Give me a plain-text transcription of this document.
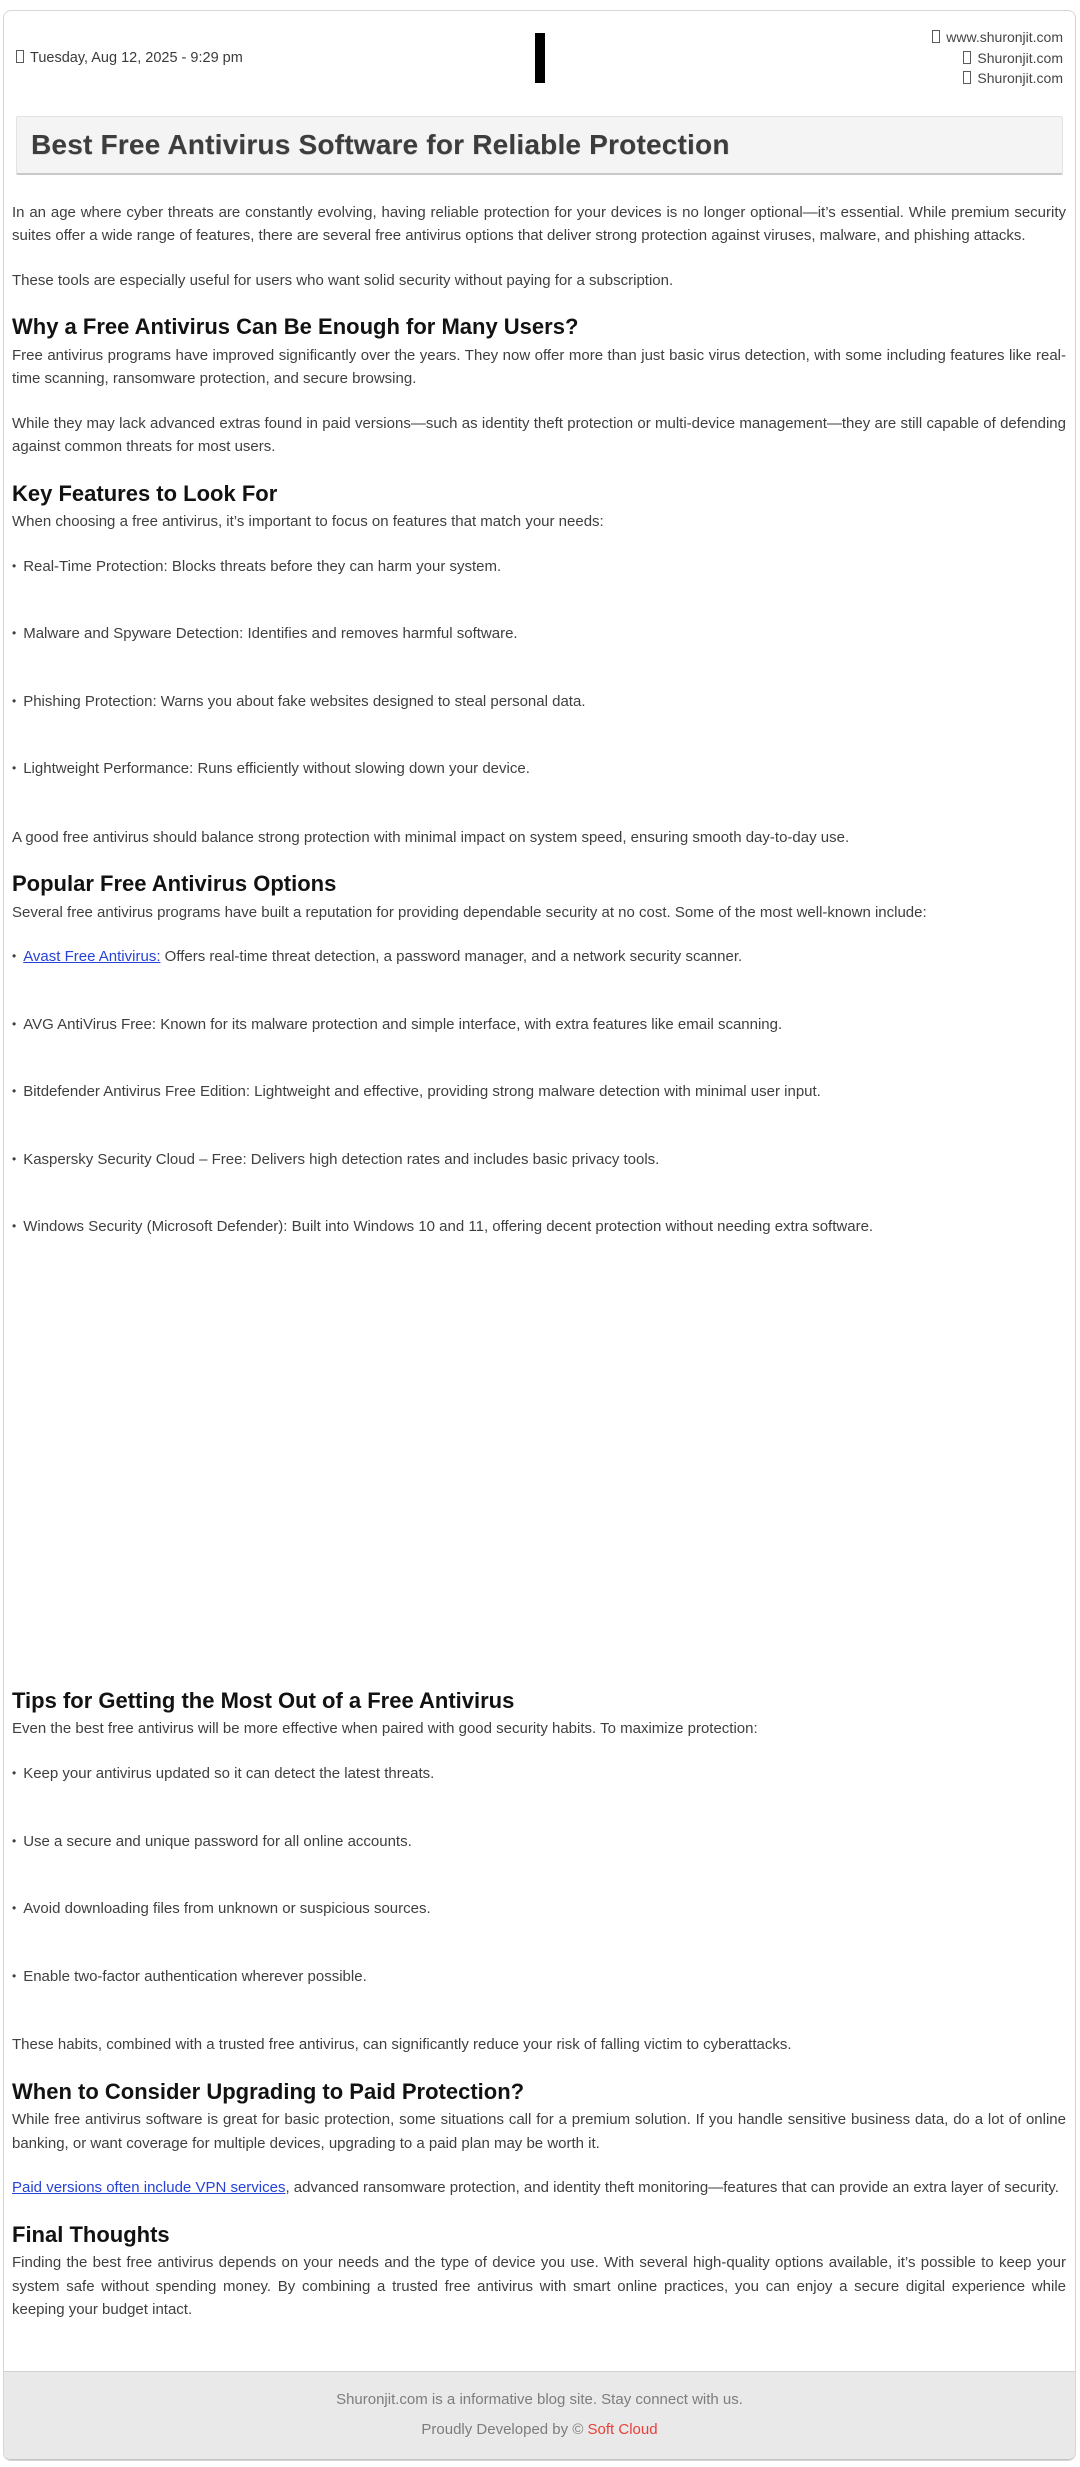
Tuesday, Aug 12, 2025 - 9:29 pm
www.shuronjit.com
Shuronjit.com
Shuronjit.com
Best Free Antivirus Software for Reliable Protection

In an age where cyber threats are constantly evolving, having reliable protection for your devices is no longer optional—it’s essential. While premium security suites offer a wide range of features, there are several free antivirus options that deliver strong protection against viruses, malware, and phishing attacks.

These tools are especially useful for users who want solid security without paying for a subscription.

Why a Free Antivirus Can Be Enough for Many Users?

Free antivirus programs have improved significantly over the years. They now offer more than just basic virus detection, with some including features like real-time scanning, ransomware protection, and secure browsing.

While they may lack advanced extras found in paid versions—such as identity theft protection or multi-device management—they are still capable of defending against common threats for most users.

Key Features to Look For

When choosing a free antivirus, it’s important to focus on features that match your needs:

• Real-Time Protection: Blocks threats before they can harm your system.
• Malware and Spyware Detection: Identifies and removes harmful software.
• Phishing Protection: Warns you about fake websites designed to steal personal data.
• Lightweight Performance: Runs efficiently without slowing down your device.

A good free antivirus should balance strong protection with minimal impact on system speed, ensuring smooth day-to-day use.

Popular Free Antivirus Options

Several free antivirus programs have built a reputation for providing dependable security at no cost. Some of the most well-known include:

• Avast Free Antivirus: Offers real-time threat detection, a password manager, and a network security scanner.
• AVG AntiVirus Free: Known for its malware protection and simple interface, with extra features like email scanning.
• Bitdefender Antivirus Free Edition: Lightweight and effective, providing strong malware detection with minimal user input.
• Kaspersky Security Cloud – Free: Delivers high detection rates and includes basic privacy tools.
• Windows Security (Microsoft Defender): Built into Windows 10 and 11, offering decent protection without needing extra software.
Tips for Getting the Most Out of a Free Antivirus

Even the best free antivirus will be more effective when paired with good security habits. To maximize protection:

• Keep your antivirus updated so it can detect the latest threats.
• Use a secure and unique password for all online accounts.
• Avoid downloading files from unknown or suspicious sources.
• Enable two-factor authentication wherever possible.

These habits, combined with a trusted free antivirus, can significantly reduce your risk of falling victim to cyberattacks.

When to Consider Upgrading to Paid Protection?

While free antivirus software is great for basic protection, some situations call for a premium solution. If you handle sensitive business data, do a lot of online banking, or want coverage for multiple devices, upgrading to a paid plan may be worth it.

Paid versions often include VPN services, advanced ransomware protection, and identity theft monitoring—features that can provide an extra layer of security.

Final Thoughts

Finding the best free antivirus depends on your needs and the type of device you use. With several high-quality options available, it’s possible to keep your system safe without spending money. By combining a trusted free antivirus with smart online practices, you can enjoy a secure digital experience while keeping your budget intact.

Shuronjit.com is a informative blog site. Stay connect with us.

Proudly Developed by © Soft Cloud
